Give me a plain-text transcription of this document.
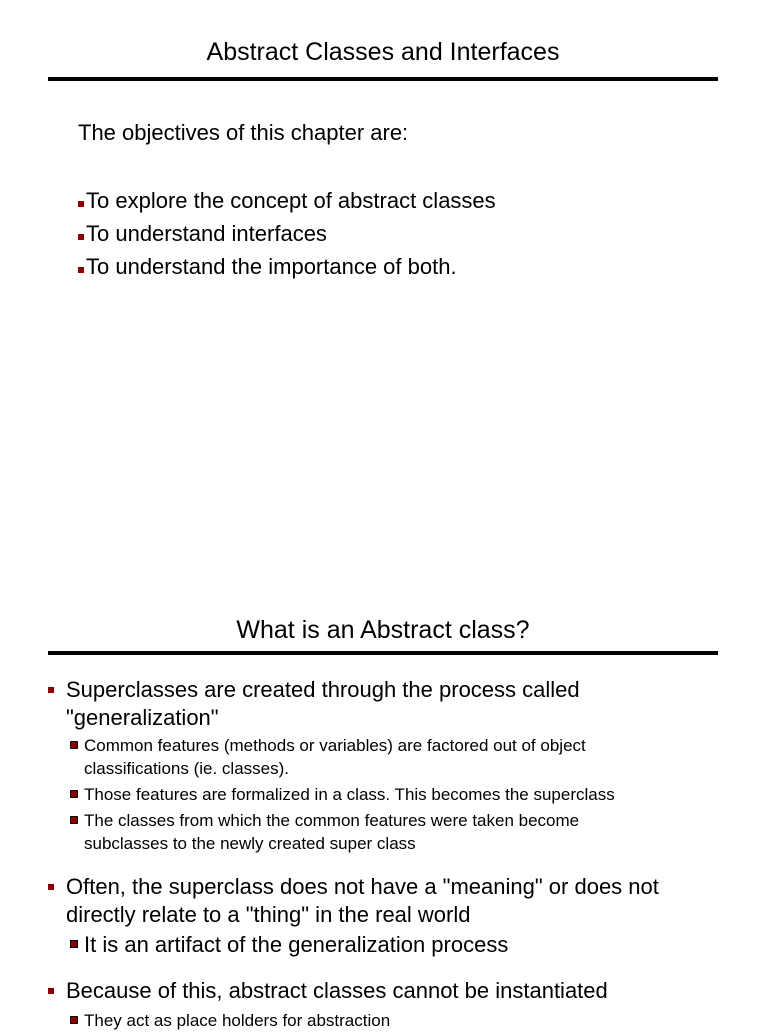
Abstract Classes and Interfaces
The objectives of this chapter are:
To explore the concept of abstract classes
To understand interfaces
To understand the importance of both.
What is an Abstract class?
Superclasses are created through the process called
"generalization"
Common features (methods or variables) are factored out of object
classifications (ie. classes).
Those features are formalized in a class. This becomes the superclass
The classes from which the common features were taken become
subclasses to the newly created super class
Often, the superclass does not have a "meaning" or does not
directly relate to a "thing" in the real world
It is an artifact of the generalization process
Because of this, abstract classes cannot be instantiated
They act as place holders for abstraction
